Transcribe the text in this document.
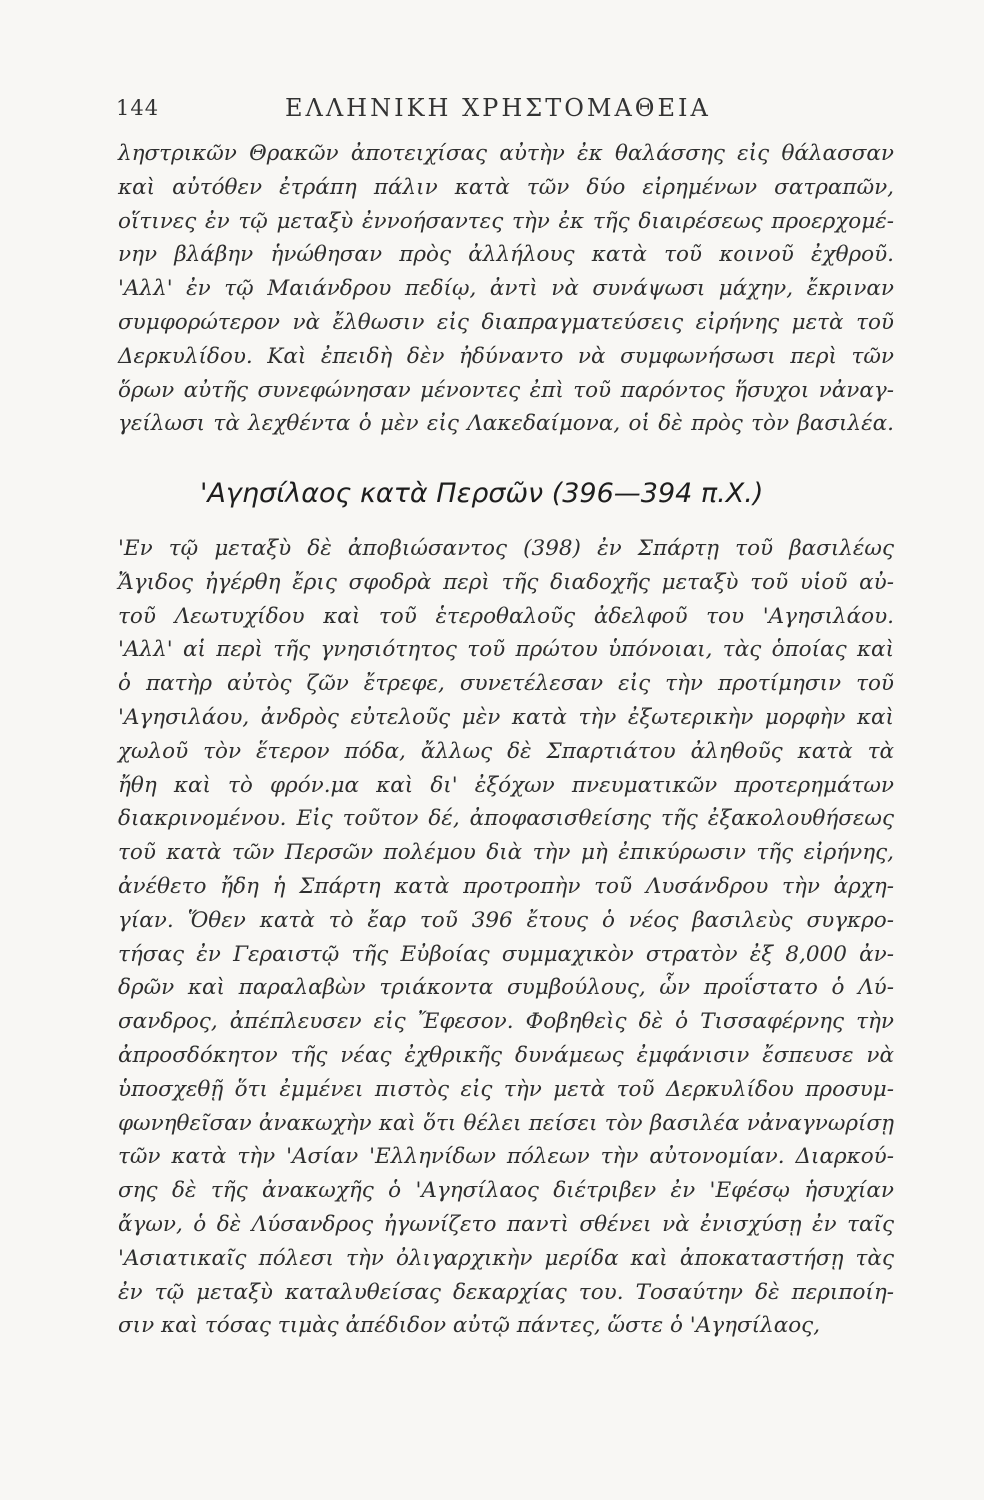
144	ΕΛΛΗΝΙΚΗ ΧΡΗΣΤΟΜΑΘΕΙΑ
ληστρικῶν Θρακῶν ἀποτειχίσας αὐτὴν ἐκ θαλάσσης εἰς θάλασσαν
καὶ αὐτόθεν ἐτράπη πάλιν κατὰ τῶν δύο εἰρημένων σατραπῶν,
οἵτινες ἐν τῷ μεταξὺ ἐννοήσαντες τὴν ἐκ τῆς διαιρέσεως προερχομέ-
νην βλάβην ἡνώθησαν πρὸς ἀλλήλους κατὰ τοῦ κοινοῦ ἐχθροῦ.
'Αλλ' ἐν τῷ Μαιάνδρου πεδίῳ, ἀντὶ νὰ συνάψωσι μάχην, ἔκριναν
συμφορώτερον νὰ ἔλθωσιν εἰς διαπραγματεύσεις εἰρήνης μετὰ τοῦ
Δερκυλίδου. Καὶ ἐπειδὴ δὲν ἠδύναντο νὰ συμφωνήσωσι περὶ τῶν
ὅρων αὐτῆς συνεφώνησαν μένοντες ἐπὶ τοῦ παρόντος ἥσυχοι νἀναγ-
γείλωσι τὰ λεχθέντα ὁ μὲν εἰς Λακεδαίμονα, οἱ δὲ πρὸς τὸν βασιλέα.
'Αγησίλαος κατὰ Περσῶν (396—394 π.Χ.)
'Εν τῷ μεταξὺ δὲ ἀποβιώσαντος (398) ἐν Σπάρτῃ τοῦ βασιλέως
Ἄγιδος ἠγέρθη ἔρις σφοδρὰ περὶ τῆς διαδοχῆς μεταξὺ τοῦ υἱοῦ αὐ-
τοῦ Λεωτυχίδου καὶ τοῦ ἑτεροθαλοῦς ἀδελφοῦ του 'Αγησιλάου.
'Αλλ' αἱ περὶ τῆς γνησιότητος τοῦ πρώτου ὑπόνοιαι, τὰς ὁποίας καὶ
ὁ πατὴρ αὐτὸς ζῶν ἔτρεφε, συνετέλεσαν εἰς τὴν προτίμησιν τοῦ
'Αγησιλάου, ἀνδρὸς εὐτελοῦς μὲν κατὰ τὴν ἐξωτερικὴν μορφὴν καὶ
χωλοῦ τὸν ἕτερον πόδα, ἄλλως δὲ Σπαρτιάτου ἀληθοῦς κατὰ τὰ
ἤθη καὶ τὸ φρόν.μα καὶ δι' ἐξόχων πνευματικῶν προτερημάτων
διακρινομένου. Εἰς τοῦτον δέ, ἀποφασισθείσης τῆς ἐξακολουθήσεως
τοῦ κατὰ τῶν Περσῶν πολέμου διὰ τὴν μὴ ἐπικύρωσιν τῆς εἰρήνης,
ἀνέθετο ἤδη ἡ Σπάρτη κατὰ προτροπὴν τοῦ Λυσάνδρου τὴν ἀρχη-
γίαν. Ὅθεν κατὰ τὸ ἔαρ τοῦ 396 ἔτους ὁ νέος βασιλεὺς συγκρο-
τήσας ἐν Γεραιστῷ τῆς Εὐβοίας συμμαχικὸν στρατὸν ἐξ 8,000 ἀν-
δρῶν καὶ παραλαβὼν τριάκοντα συμβούλους, ὧν προΐστατο ὁ Λύ-
σανδρος, ἀπέπλευσεν εἰς Ἔφεσον. Φοβηθεὶς δὲ ὁ Τισσαφέρνης τὴν
ἀπροσδόκητον τῆς νέας ἐχθρικῆς δυνάμεως ἐμφάνισιν ἔσπευσε νὰ
ὑποσχεθῇ ὅτι ἐμμένει πιστὸς εἰς τὴν μετὰ τοῦ Δερκυλίδου προσυμ-
φωνηθεῖσαν ἀνακωχὴν καὶ ὅτι θέλει πείσει τὸν βασιλέα νἀναγνωρίσῃ
τῶν κατὰ τὴν 'Ασίαν 'Ελληνίδων πόλεων τὴν αὐτονομίαν. Διαρκού-
σης δὲ τῆς ἀνακωχῆς ὁ 'Αγησίλαος διέτριβεν ἐν 'Εφέσῳ ἡσυχίαν
ἄγων, ὁ δὲ Λύσανδρος ἠγωνίζετο παντὶ σθένει νὰ ἐνισχύσῃ ἐν ταῖς
'Ασιατικαῖς πόλεσι τὴν ὀλιγαρχικὴν μερίδα καὶ ἀποκαταστήσῃ τὰς
ἐν τῷ μεταξὺ καταλυθείσας δεκαρχίας του. Τοσαύτην δὲ περιποίη-
σιν καὶ τόσας τιμὰς ἀπέδιδον αὐτῷ πάντες, ὥστε ὁ 'Αγησίλαος,
